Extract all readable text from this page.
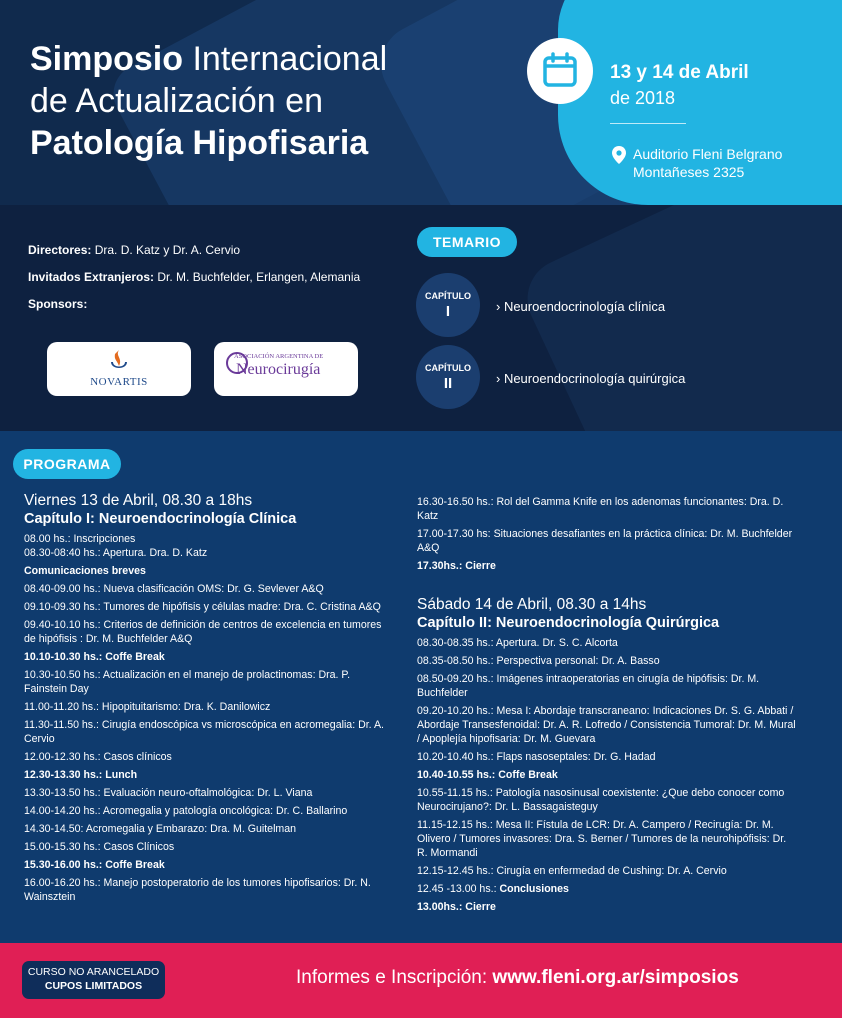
Simposio Internacional
de Actualización en
Patología Hipofisaria
13 y 14 de Abril
de 2018
Auditorio Fleni Belgrano
Montañeses 2325
Directores: Dra. D. Katz y Dr. A. Cervio
Invitados Extranjeros: Dr. M. Buchfelder, Erlangen, Alemania
Sponsors:
NOVARTIS
ASOCIACIÓN ARGENTINA DE
Neurocirugía
TEMARIO
CAPÍTULO
I	› Neuroendocrinología clínica
CAPÍTULO
II	› Neuroendocrinología quirúrgica
PROGRAMA
Viernes 13 de Abril, 08.30 a 18hs
Capítulo I: Neuroendocrinología Clínica
08.00 hs.: Inscripciones
08.30-08:40 hs.: Apertura. Dra. D. Katz
Comunicaciones breves
08.40-09.00 hs.: Nueva clasificación OMS: Dr. G. Sevlever A&Q
09.10-09.30 hs.: Tumores de hipófisis y células madre: Dra. C. Cristina A&Q
09.40-10.10 hs.: Criterios de definición de centros de excelencia en tumores de hipófisis : Dr. M. Buchfelder A&Q
10.10-10.30 hs.: Coffe Break
10.30-10.50 hs.: Actualización en el manejo de prolactinomas: Dra. P. Fainstein Day
11.00-11.20 hs.: Hipopituitarismo: Dra. K. Danilowicz
11.30-11.50 hs.: Cirugía endoscópica vs microscópica en acromegalia: Dr. A. Cervio
12.00-12.30 hs.: Casos clínicos
12.30-13.30 hs.: Lunch
13.30-13.50 hs.: Evaluación neuro-oftalmológica: Dr. L. Viana
14.00-14.20 hs.: Acromegalia y patología oncológica: Dr. C. Ballarino
14.30-14.50: Acromegalia y Embarazo: Dra. M. Guitelman
15.00-15.30 hs.: Casos Clínicos
15.30-16.00 hs.: Coffe Break
16.00-16.20 hs.: Manejo postoperatorio de los tumores hipofisarios: Dr. N. Wainsztein
16.30-16.50 hs.: Rol del Gamma Knife en los adenomas funcionantes: Dra. D. Katz
17.00-17.30 hs: Situaciones desafiantes en la práctica clínica: Dr. M. Buchfelder A&Q
17.30hs.: Cierre
Sábado 14 de Abril, 08.30 a 14hs
Capítulo II: Neuroendocrinología Quirúrgica
08.30-08.35 hs.: Apertura. Dr. S. C. Alcorta
08.35-08.50 hs.: Perspectiva personal: Dr. A. Basso
08.50-09.20 hs.: Imágenes intraoperatorias en cirugía de hipófisis: Dr. M. Buchfelder
09.20-10.20 hs.: Mesa I: Abordaje transcraneano: Indicaciones Dr. S. G. Abbati / Abordaje Transesfenoidal: Dr. A. R. Lofredo / Consistencia Tumoral: Dr. M. Mural / Apoplejía hipofisaria: Dr. M. Guevara
10.20-10.40 hs.: Flaps nasoseptales: Dr. G. Hadad
10.40-10.55 hs.: Coffe Break
10.55-11.15 hs.: Patología nasosinusal coexistente: ¿Que debo conocer como Neurocirujano?: Dr. L. Bassagaisteguy
11.15-12.15 hs.: Mesa II: Fístula de LCR: Dr. A. Campero / Recirugía: Dr. M. Olivero / Tumores invasores: Dra. S. Berner / Tumores de la neurohipófisis: Dr. R. Mormandi
12.15-12.45 hs.: Cirugía en enfermedad de Cushing: Dr. A. Cervio
12.45 -13.00 hs.: Conclusiones
13.00hs.: Cierre
CURSO NO ARANCELADO
CUPOS LIMITADOS	Informes e Inscripción: www.fleni.org.ar/simposios
